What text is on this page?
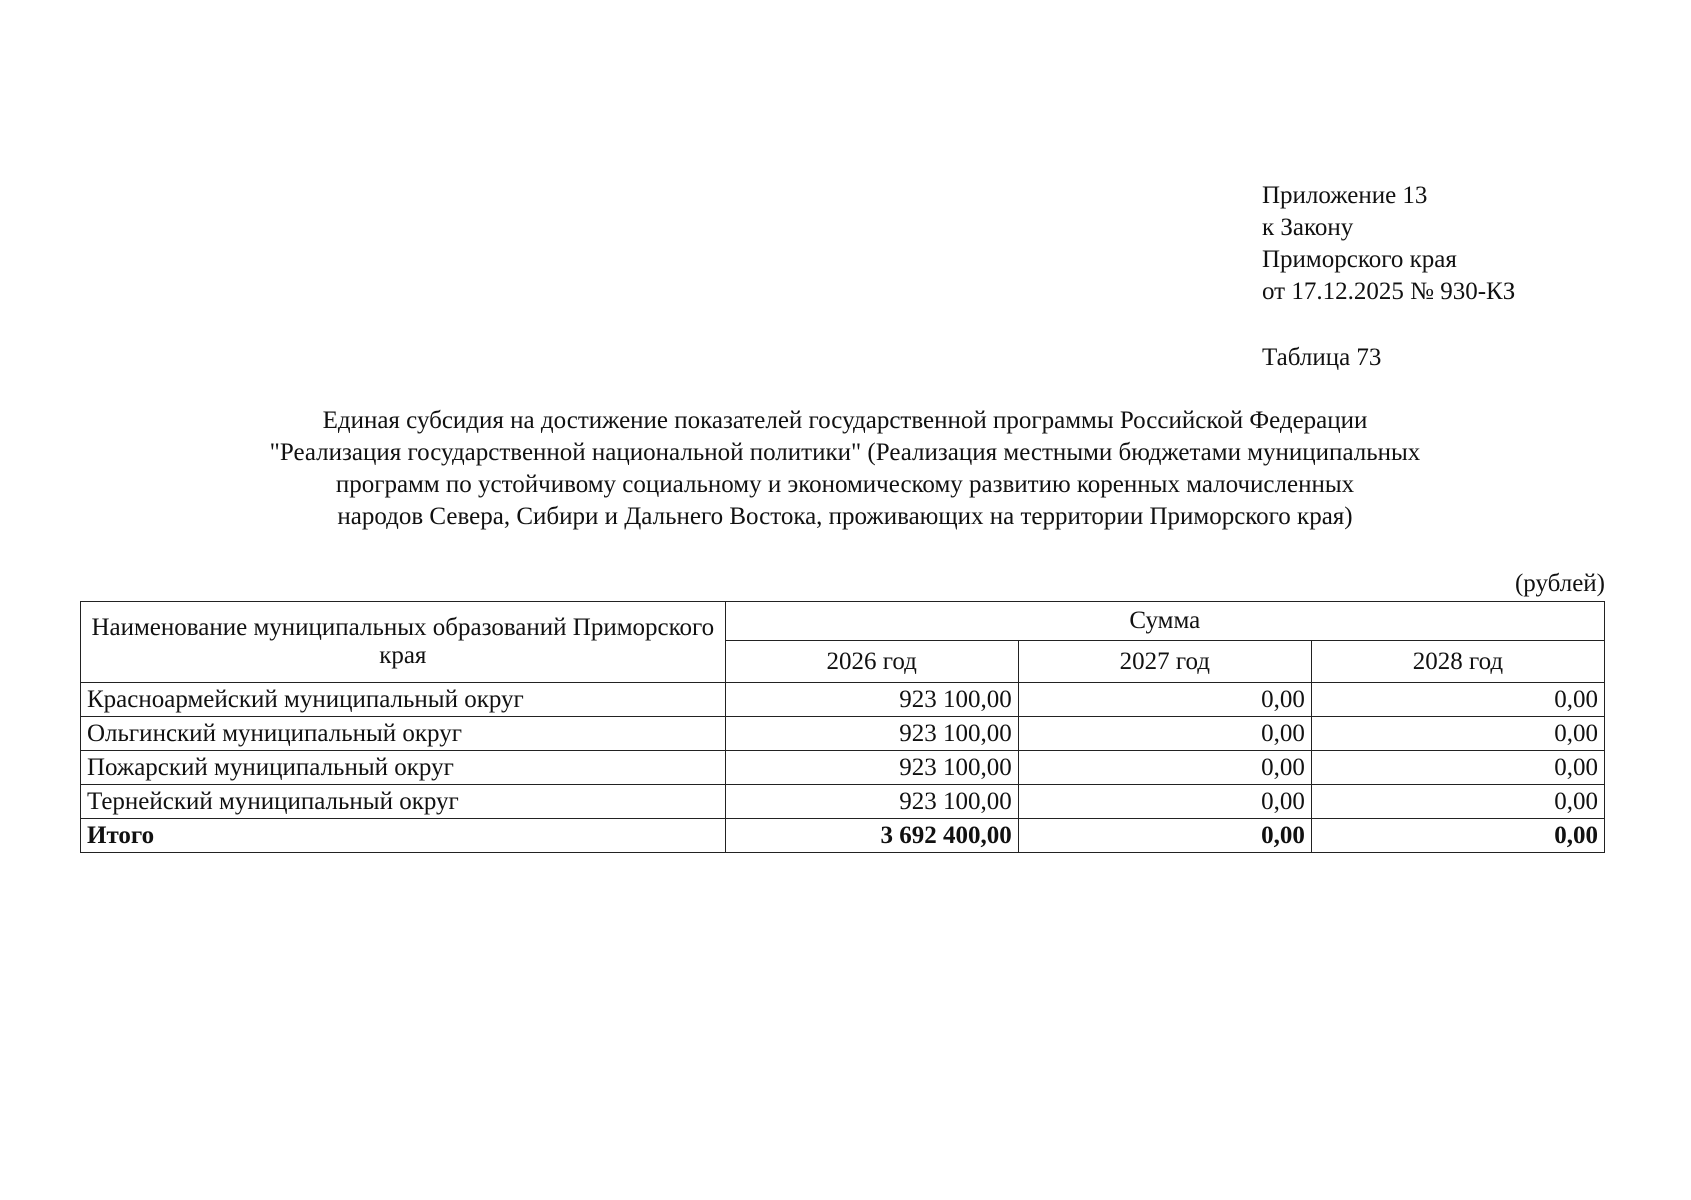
Приложение 13
к Закону
Приморского края
от 17.12.2025 № 930-КЗ
Таблица 73
Единая субсидия на достижение показателей государственной программы Российской Федерации
"Реализация государственной национальной политики" (Реализация местными бюджетами муниципальных
программ по устойчивому социальному и экономическому развитию коренных малочисленных
народов Севера, Сибири и Дальнего Востока, проживающих на территории Приморского края)
(рублей)
Наименование муниципальных образований Приморского края	Сумма		
	2026 год	2027 год	2028 год
Красноармейский муниципальный округ	923 100,00	0,00	0,00
Ольгинский муниципальный округ	923 100,00	0,00	0,00
Пожарский муниципальный округ	923 100,00	0,00	0,00
Тернейский муниципальный округ	923 100,00	0,00	0,00
Итого	3 692 400,00	0,00	0,00
